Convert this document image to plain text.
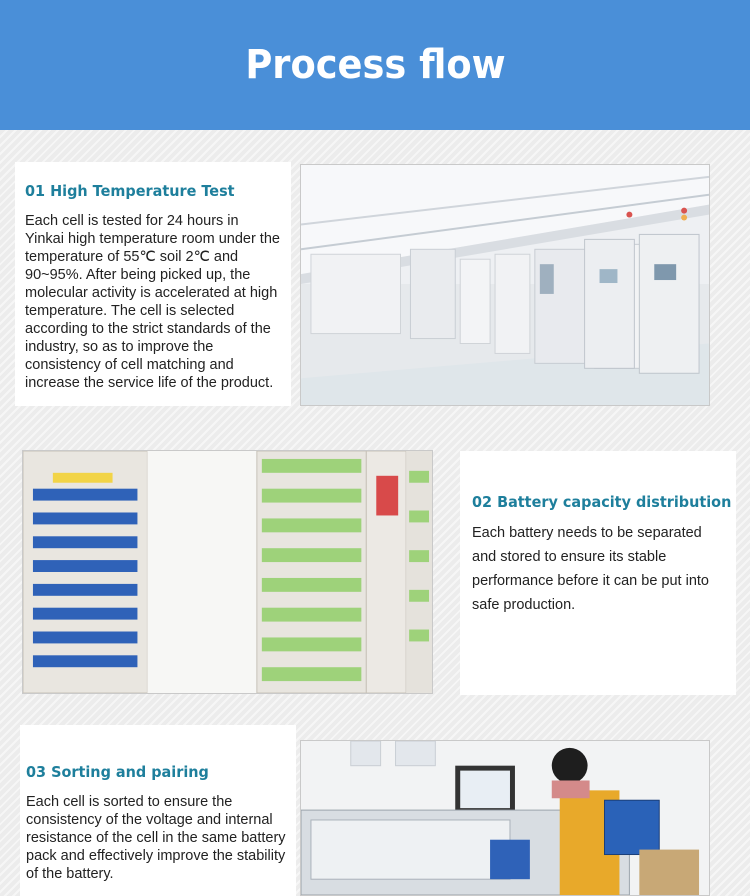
Process flow
01 High Temperature Test

Each cell is tested for 24 hours in Yinkai high temperature room under the temperature of 55℃ soil 2℃ and 90~95%. After being picked up, the molecular activity is accelerated at high temperature. The cell is selected according to the strict standards of the industry, so as to improve the consistency of cell matching and increase the service life of the product.

02 Battery capacity distribution

Each battery needs to be separated and stored to ensure its stable performance before it can be put into safe production.

03 Sorting and pairing

Each cell is sorted to ensure the consistency of the voltage and internal resistance of the cell in the same battery pack and effectively improve the stability of the battery.
